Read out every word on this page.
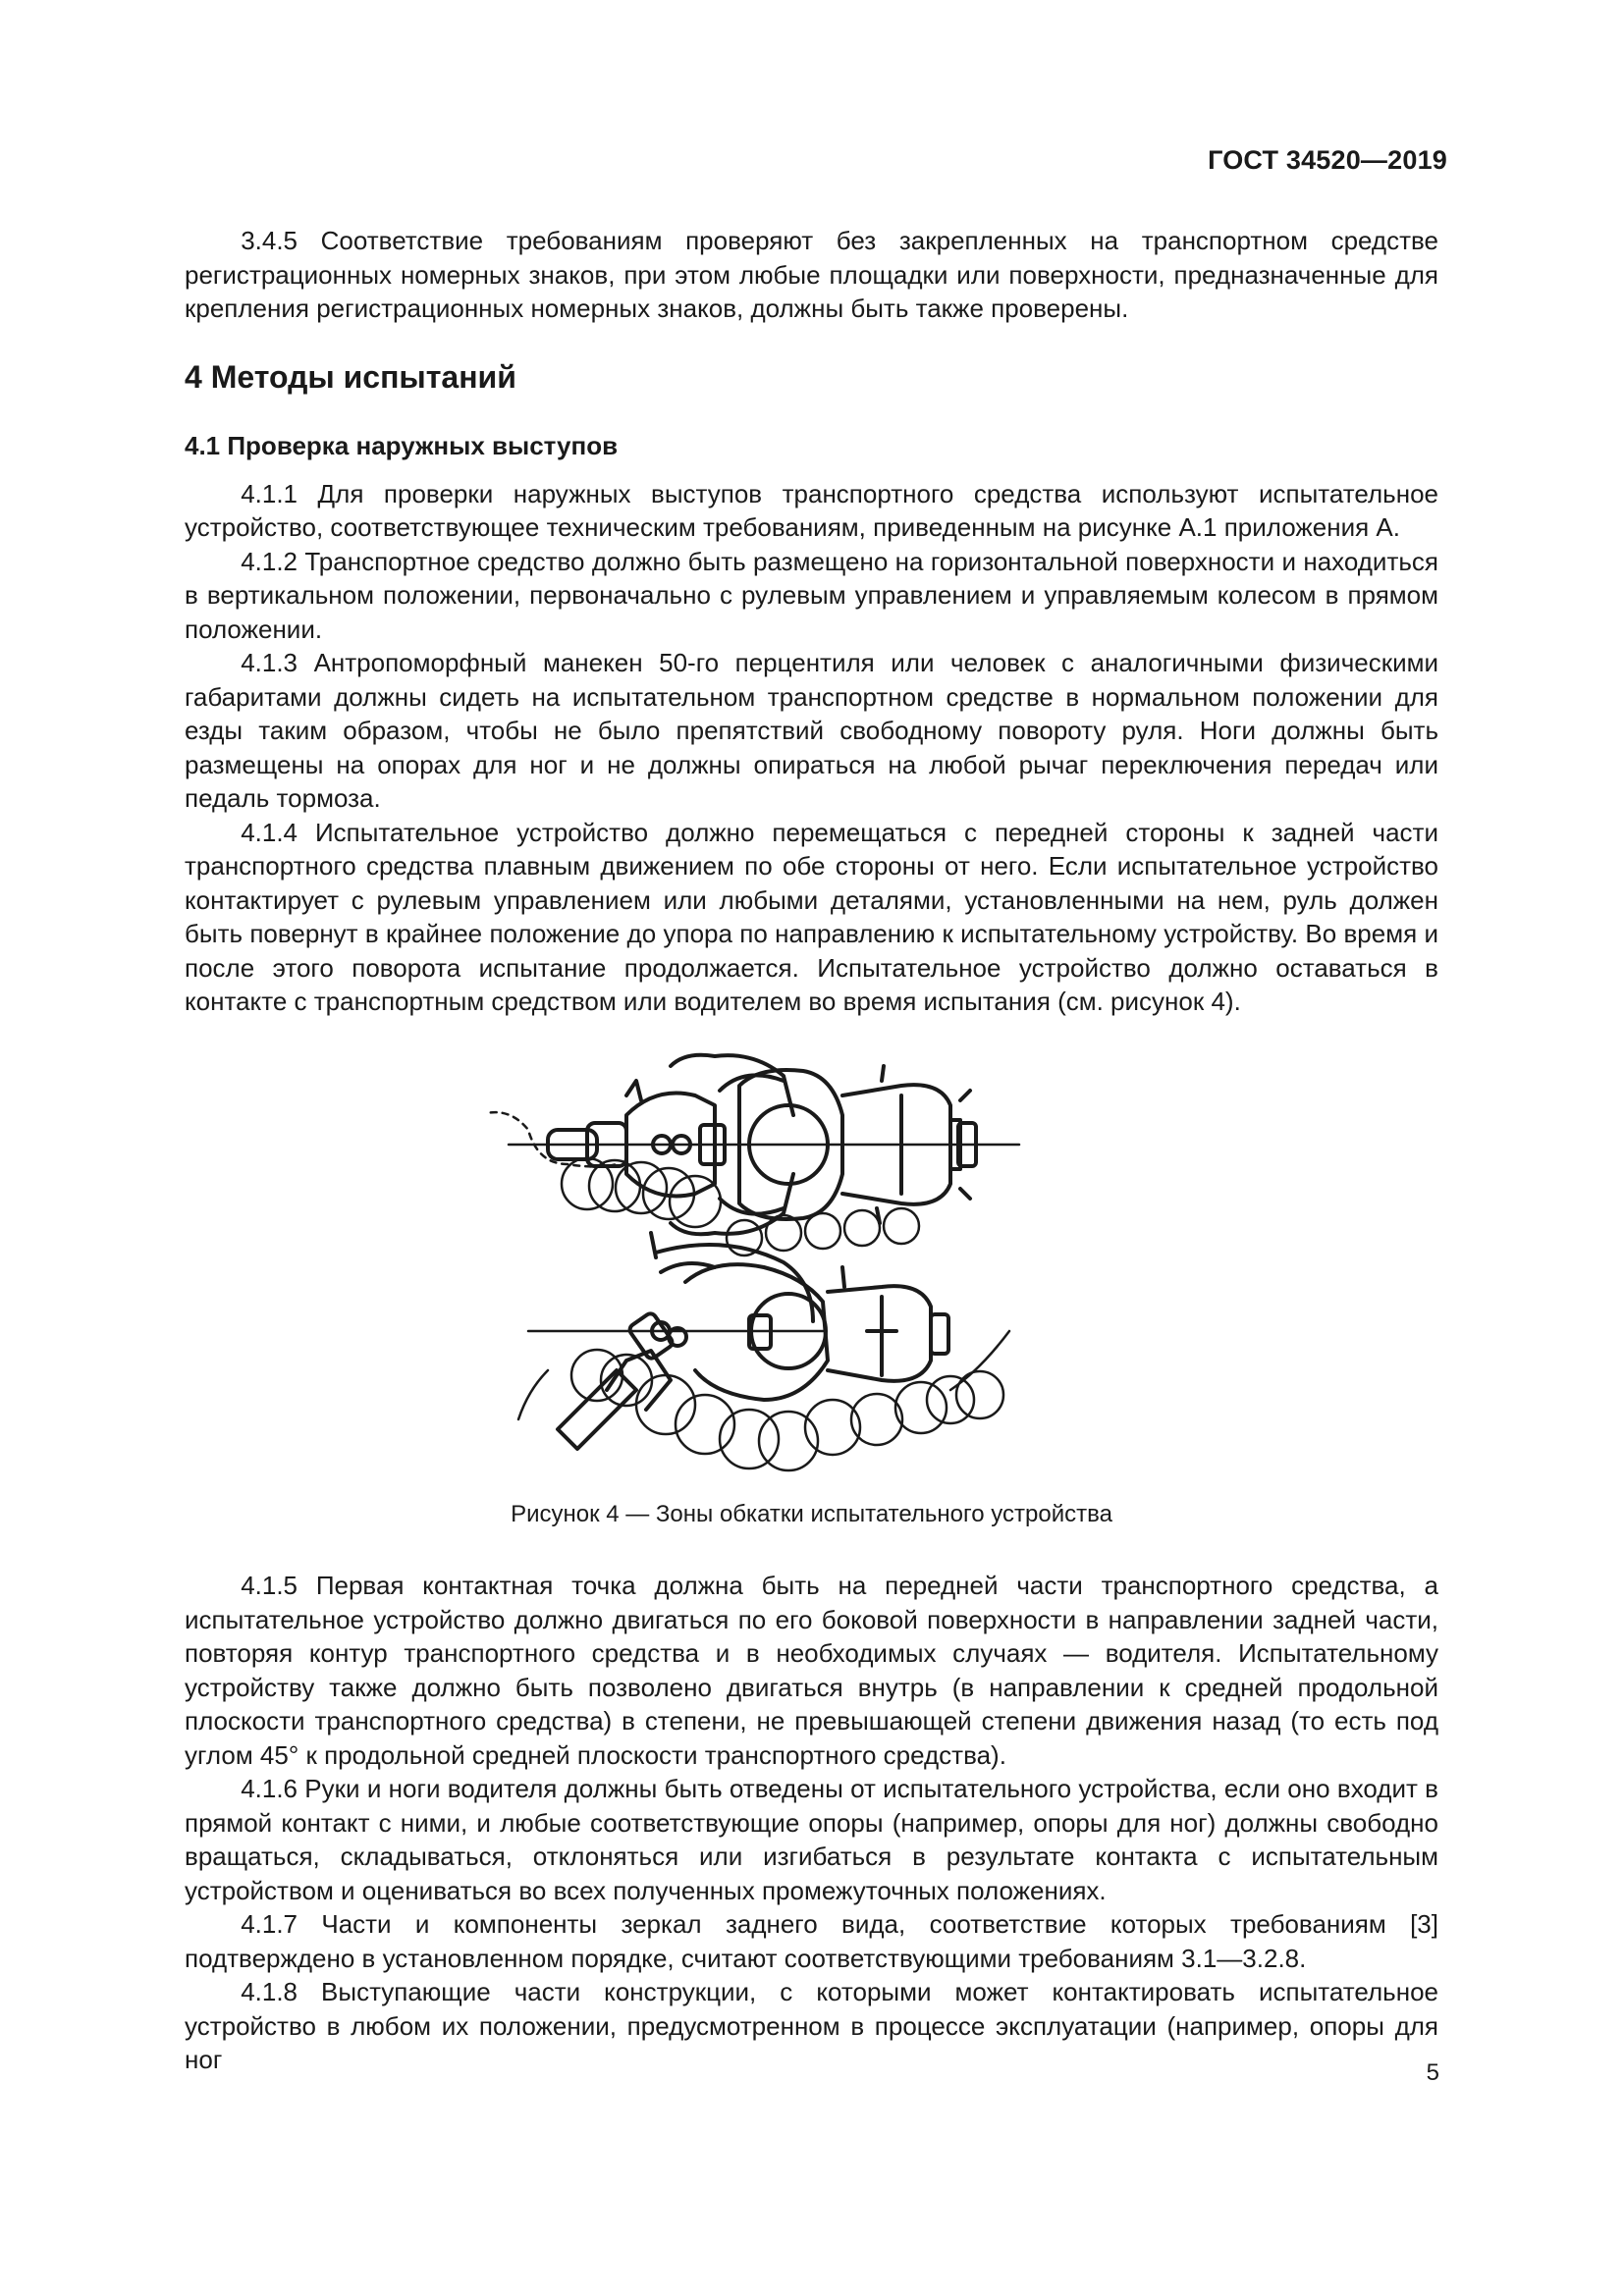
ГОСТ 34520—2019

3.4.5 Соответствие требованиям проверяют без закрепленных на транспортном средстве регистрационных номерных знаков, при этом любые площадки или поверхности, предназначенные для крепления регистрационных номерных знаков, должны быть также проверены.

4 Методы испытаний
4.1 Проверка наружных выступов

4.1.1 Для проверки наружных выступов транспортного средства используют испытательное устройство, соответствующее техническим требованиям, приведенным на рисунке А.1 приложения А.

4.1.2 Транспортное средство должно быть размещено на горизонтальной поверхности и находиться в вертикальном положении, первоначально с рулевым управлением и управляемым колесом в прямом положении.

4.1.3 Антропоморфный манекен 50-го перцентиля или человек с аналогичными физическими габаритами должны сидеть на испытательном транспортном средстве в нормальном положении для езды таким образом, чтобы не было препятствий свободному повороту руля. Ноги должны быть размещены на опорах для ног и не должны опираться на любой рычаг переключения передач или педаль тормоза.

4.1.4 Испытательное устройство должно перемещаться с передней стороны к задней части транспортного средства плавным движением по обе стороны от него. Если испытательное устройство контактирует с рулевым управлением или любыми деталями, установленными на нем, руль должен быть повернут в крайнее положение до упора по направлению к испытательному устройству. Во время и после этого поворота испытание продолжается. Испытательное устройство должно оставаться в контакте с транспортным средством или водителем во время испытания (см. рисунок 4).

Рисунок 4 — Зоны обкатки испытательного устройства

4.1.5 Первая контактная точка должна быть на передней части транспортного средства, а испытательное устройство должно двигаться по его боковой поверхности в направлении задней части, повторяя контур транспортного средства и в необходимых случаях — водителя. Испытательному устройству также должно быть позволено двигаться внутрь (в направлении к средней продольной плоскости транспортного средства) в степени, не превышающей степени движения назад (то есть под углом 45° к продольной средней плоскости транспортного средства).

4.1.6 Руки и ноги водителя должны быть отведены от испытательного устройства, если оно входит в прямой контакт с ними, и любые соответствующие опоры (например, опоры для ног) должны свободно вращаться, складываться, отклоняться или изгибаться в результате контакта с испытательным устройством и оцениваться во всех полученных промежуточных положениях.

4.1.7 Части и компоненты зеркал заднего вида, соответствие которых требованиям [3] подтверждено в установленном порядке, считают соответствующими требованиям 3.1—3.2.8.

4.1.8 Выступающие части конструкции, с которыми может контактировать испытательное устройство в любом их положении, предусмотренном в процессе эксплуатации (например, опоры для ног	5
